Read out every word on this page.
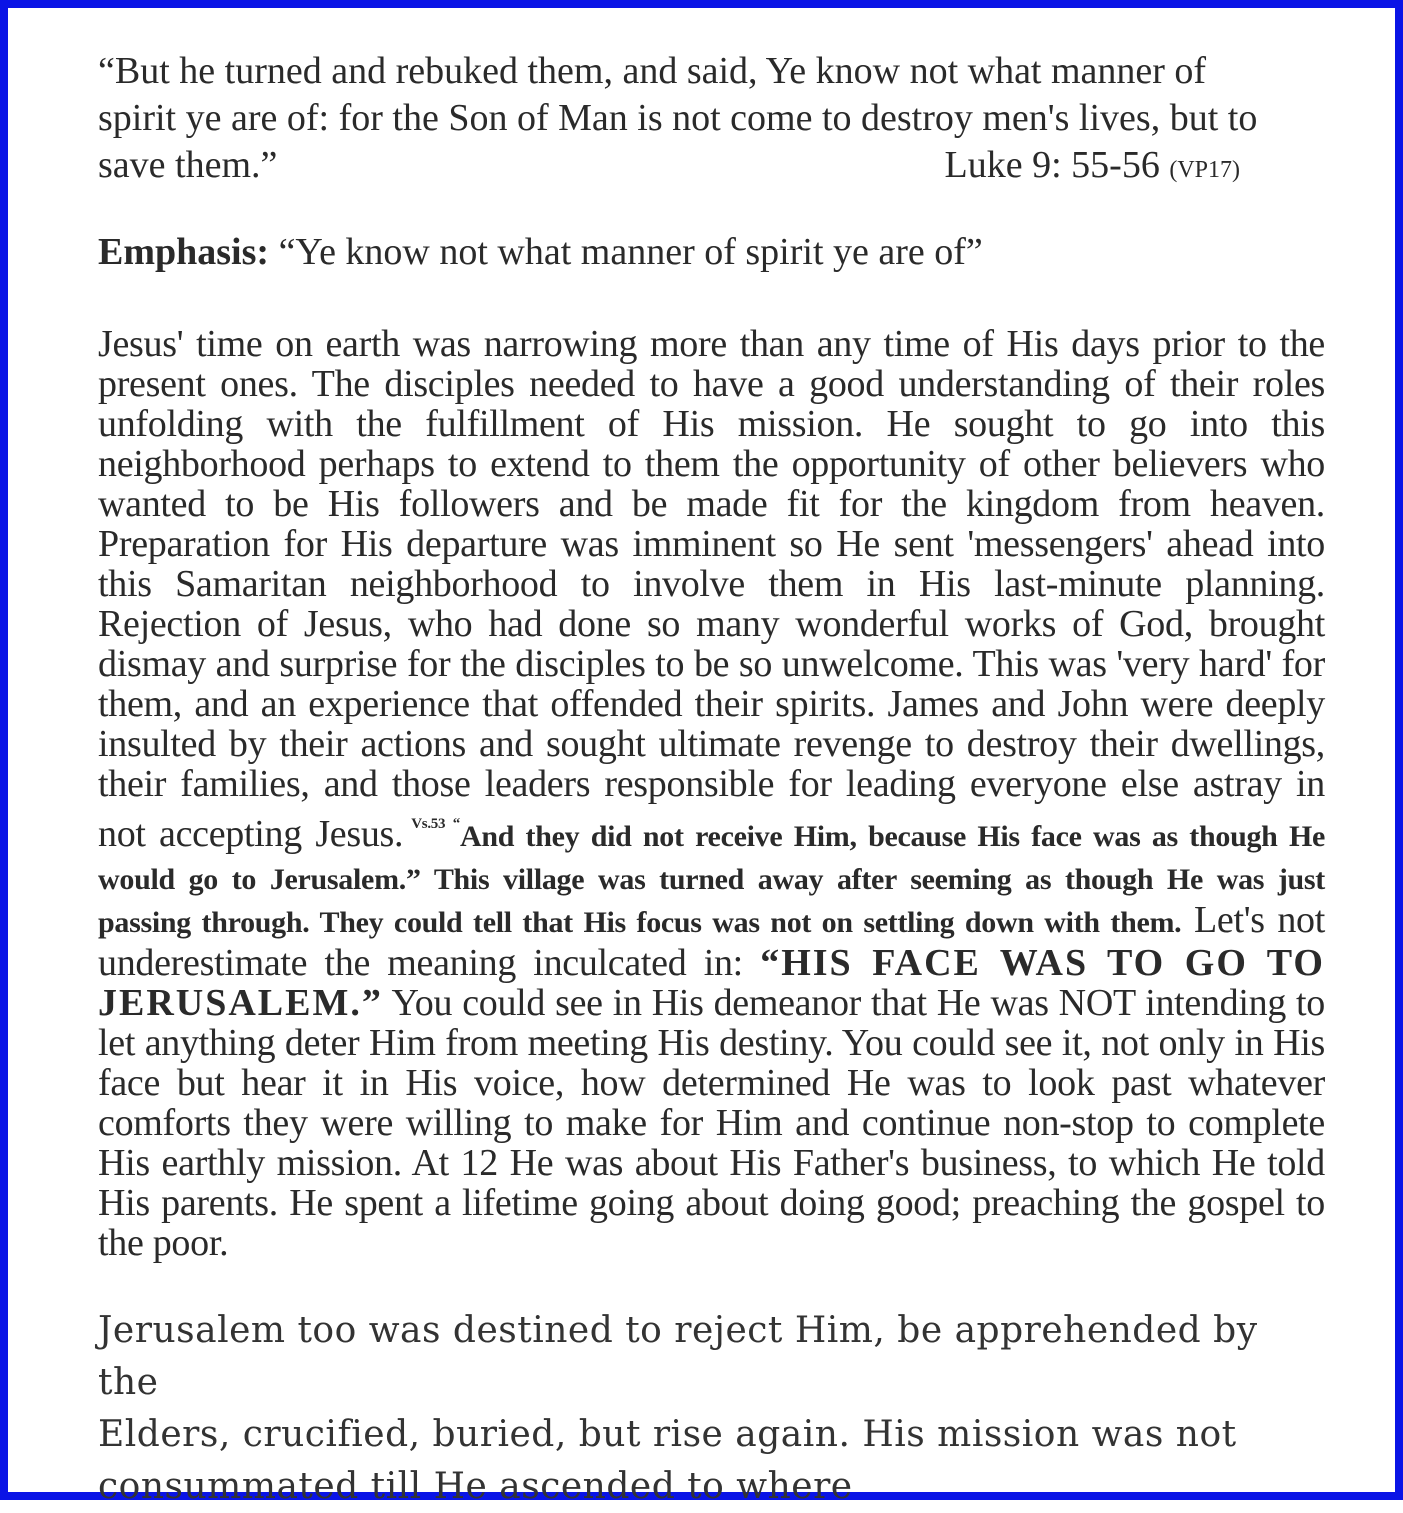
“But he turned and rebuked them, and said, Ye know not what manner of
spirit ye are of: for the Son of Man is not come to destroy men's lives, but to
save them.”	Luke 9: 55-56 (VP17)

Emphasis: “Ye know not what manner of spirit ye are of”

Jesus' time on earth was narrowing more than any time of His days prior to the present ones. The disciples needed to have a good understanding of their roles unfolding with the fulfillment of His mission. He sought to go into this neighborhood perhaps to extend to them the opportunity of other believers who wanted to be His followers and be made fit for the kingdom from heaven. Preparation for His departure was imminent so He sent 'messengers' ahead into this Samaritan neighborhood to involve them in His last-minute planning. Rejection of Jesus, who had done so many wonderful works of God, brought dismay and surprise for the disciples to be so unwelcome. This was 'very hard' for them, and an experience that offended their spirits. James and John were deeply insulted by their actions and sought ultimate revenge to destroy their dwellings, their families, and those leaders responsible for leading everyone else astray in not accepting Jesus. $^{Vs.53 “}$And they did not receive Him, because His face was as though He would go to Jerusalem.” This village was turned away after seeming as though He was just passing through. They could tell that His focus was not on settling down with them. Let's not underestimate the meaning inculcated in: “HIS FACE WAS TO GO TO JERUSALEM.” You could see in His demeanor that He was NOT intending to let anything deter Him from meeting His destiny. You could see it, not only in His face but hear it in His voice, how determined He was to look past whatever comforts they were willing to make for Him and continue non-stop to complete His earthly mission. At 12 He was about His Father's business, to which He told His parents. He spent a lifetime going about doing good; preaching the gospel to the poor.

Jerusalem too was destined to reject Him, be apprehended by the
Elders, crucified, buried, but rise again. His mission was not
consummated till He ascended to where
